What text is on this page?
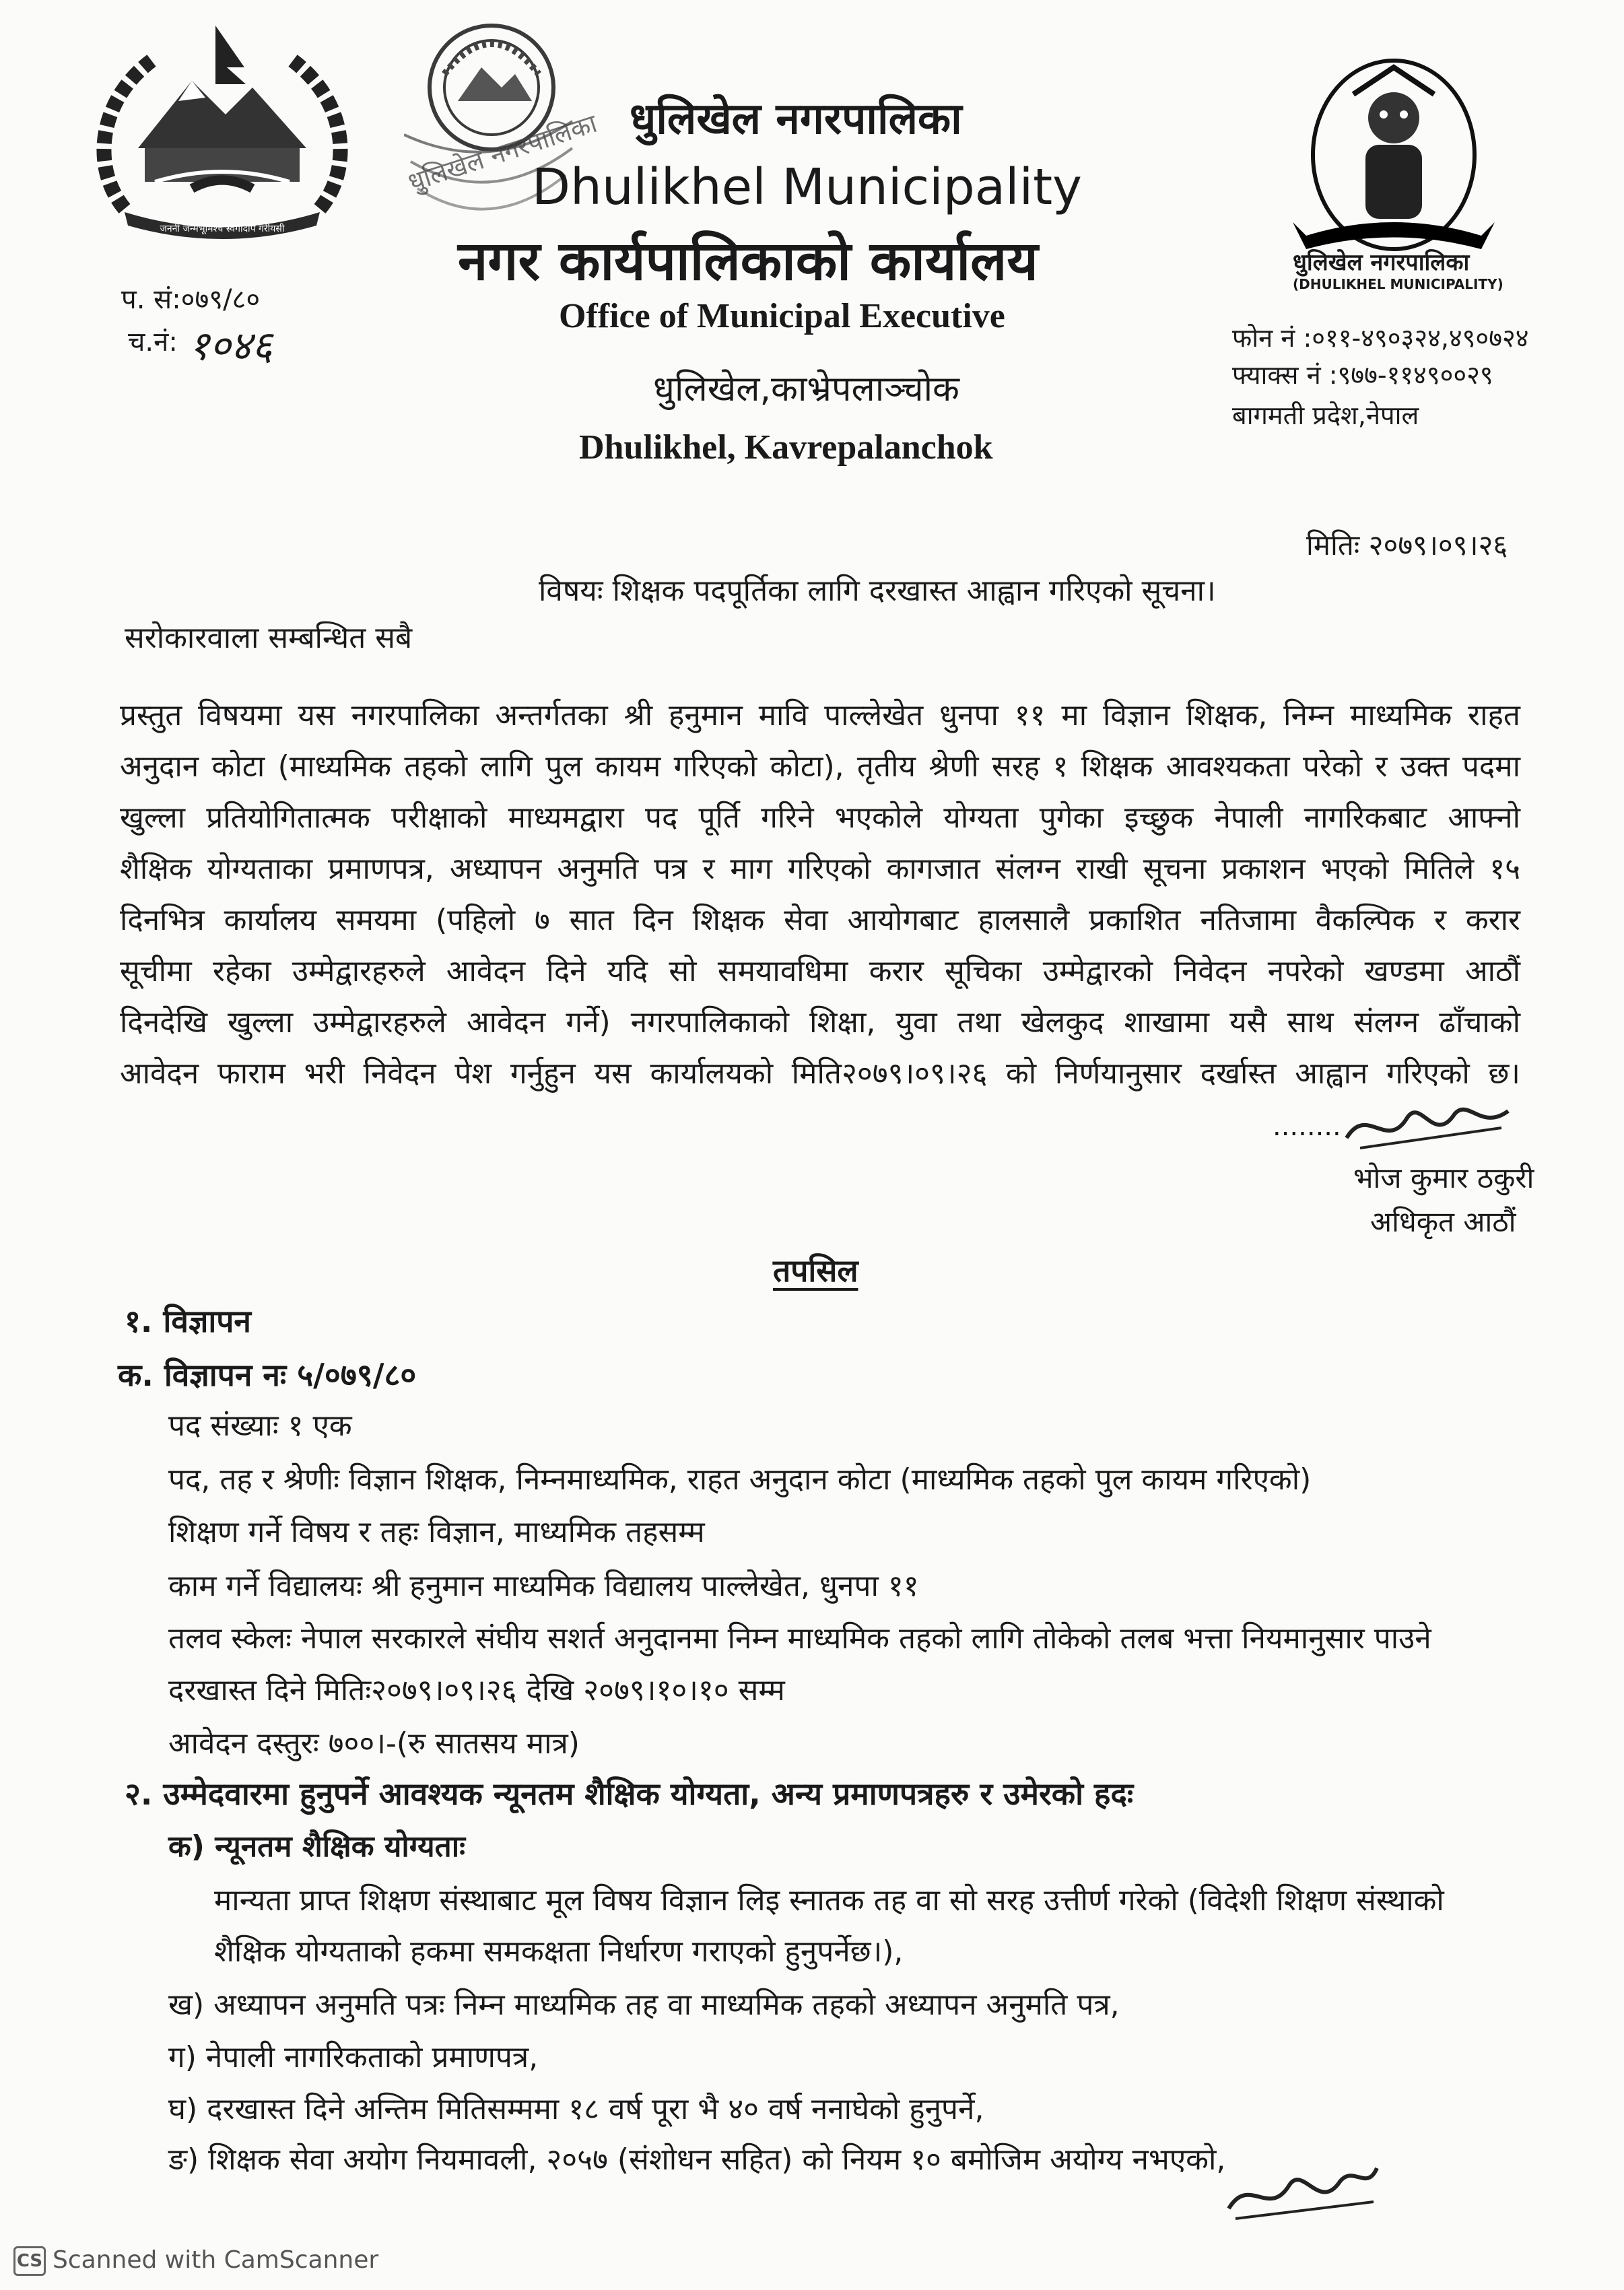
जननी जन्मभूमिश्च स्वर्गादपि गरीयसी
धुलिखेल नगरपालिका
धुलिखेल नगरपालिका
(DHULIKHEL MUNICIPALITY)
धुलिखेल नगरपालिका
Dhulikhel Municipality
नगर कार्यपालिकाको कार्यालय
Office of Municipal Executive
धुलिखेल,काभ्रेपलाञ्चोक
Dhulikhel, Kavrepalanchok
प. सं:०७९/८०
च.नं: १०४६	फोन नं :०११-४९०३२४,४९०७२४
फ्याक्स नं :९७७-११४९००२९
बागमती प्रदेश,नेपाल
मितिः २०७९।०९।२६
विषयः शिक्षक पदपूर्तिका लागि दरखास्त आह्वान गरिएको सूचना।
सरोकारवाला सम्बन्धित सबै
प्रस्तुत विषयमा यस नगरपालिका अन्तर्गतका श्री हनुमान मावि पाल्लेखेत धुनपा ११ मा विज्ञान शिक्षक, निम्न माध्यमिक राहत
अनुदान कोटा (माध्यमिक तहको लागि पुल कायम गरिएको कोटा), तृतीय श्रेणी सरह १ शिक्षक आवश्यकता परेको र उक्त पदमा
खुल्ला प्रतियोगितात्मक परीक्षाको माध्यमद्वारा पद पूर्ति गरिने भएकोले योग्यता पुगेका इच्छुक नेपाली नागरिकबाट आफ्नो
शैक्षिक योग्यताका प्रमाणपत्र, अध्यापन अनुमति पत्र र माग गरिएको कागजात संलग्न राखी सूचना प्रकाशन भएको मितिले १५
दिनभित्र कार्यालय समयमा (पहिलो ७ सात दिन शिक्षक सेवा आयोगबाट हालसालै प्रकाशित नतिजामा वैकल्पिक र करार
सूचीमा रहेका उम्मेद्वारहरुले आवेदन दिने यदि सो समयावधिमा करार सूचिका उम्मेद्वारको निवेदन नपरेको खण्डमा आठौं
दिनदेखि खुल्ला उम्मेद्वारहरुले आवेदन गर्ने) नगरपालिकाको शिक्षा, युवा तथा खेलकुद शाखामा यसै साथ संलग्न ढाँचाको
आवेदन फाराम भरी निवेदन पेश गर्नुहुन यस कार्यालयको मिति२०७९।०९।२६ को निर्णयानुसार दर्खास्त आह्वान गरिएको छ।
........
भोज कुमार ठकुरी
अधिकृत आठौं
तपसिल
१. विज्ञापन
क. विज्ञापन नः ५/०७९/८०
पद संख्याः १ एक
पद, तह र श्रेणीः विज्ञान शिक्षक, निम्नमाध्यमिक, राहत अनुदान कोटा (माध्यमिक तहको पुल कायम गरिएको)
शिक्षण गर्ने विषय र तहः विज्ञान, माध्यमिक तहसम्म
काम गर्ने विद्यालयः श्री हनुमान माध्यमिक विद्यालय पाल्लेखेत, धुनपा ११
तलव स्केलः नेपाल सरकारले संघीय सशर्त अनुदानमा निम्न माध्यमिक तहको लागि तोकेको तलब भत्ता नियमानुसार पाउने
दरखास्त दिने मितिः२०७९।०९।२६ देखि २०७९।१०।१० सम्म
आवेदन दस्तुरः ७००।-(रु सातसय मात्र)
२. उम्मेदवारमा हुनुपर्ने आवश्यक न्यूनतम शैक्षिक योग्यता, अन्य प्रमाणपत्रहरु र उमेरको हदः
क) न्यूनतम शैक्षिक योग्यताः
मान्यता प्राप्त शिक्षण संस्थाबाट मूल विषय विज्ञान लिइ स्नातक तह वा सो सरह उत्तीर्ण गरेको (विदेशी शिक्षण संस्थाको
शैक्षिक योग्यताको हकमा समकक्षता निर्धारण गराएको हुनुपर्नेछ।),
ख) अध्यापन अनुमति पत्रः निम्न माध्यमिक तह वा माध्यमिक तहको अध्यापन अनुमति पत्र,
ग) नेपाली नागरिकताको प्रमाणपत्र,
घ) दरखास्त दिने अन्तिम मितिसम्ममा १८ वर्ष पूरा भै ४० वर्ष ननाघेको हुनुपर्ने,
ङ) शिक्षक सेवा अयोग नियमावली, २०५७ (संशोधन सहित) को नियम १० बमोजिम अयोग्य नभएको,
CS Scanned with CamScanner
